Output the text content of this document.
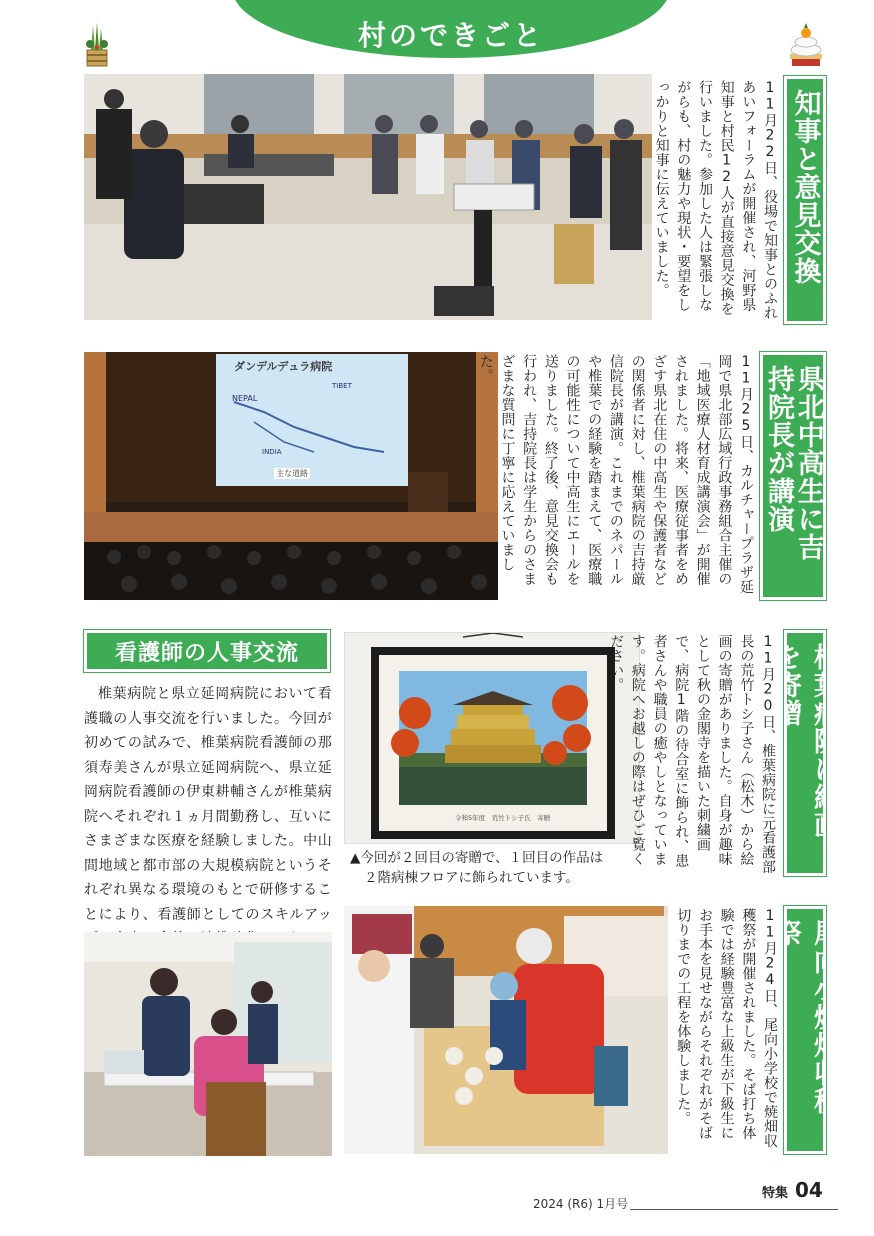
村のできごと
知事と意見交換
11月22日、役場で知事とのふれあいフォーラムが開催され、河野県知事と村民12人が直接意見交換を行いました。参加した人は緊張しながらも、村の魅力や現状・要望をしっかりと知事に伝えていました。
ダンデルデュラ病院
NEPAL
TIBET
INDIA
主な道路	県北中高生に吉持院長が講演
11月25日、カルチャープラザ延岡で県北部広域行政事務組合主催の「地域医療人材育成講演会」が開催されました。将来、医療従事者をめざす県北在住の中高生や保護者などの関係者に対し、椎葉病院の吉持厳信院長が講演。これまでのネパールや椎葉での経験を踏まえて、医療職の可能性について中高生にエールを送りました。終了後、意見交換会も行われ、吉持院長は学生からのさまざまな質問に丁寧に応えていました。
看護師の人事交流
椎葉病院と県立延岡病院において看護職の人事交流を行いました。今回が初めての試みで、椎葉病院看護師の那須寿美さんが県立延岡病院へ、県立延岡病院看護師の伊東耕輔さんが椎葉病院へそれぞれ１ヵ月間勤務し、互いにさまざまな医療を経験しました。中山間地域と都市部の大規模病院というそれぞれ異なる環境のもとで研修することにより、看護師としてのスキルアッ
令和5年度　荒竹トシ子氏　寄贈
▲今回が２回目の寄贈で、１回目の作品は
２階病棟フロアに飾られています。
椎葉病院に絵画を寄贈
11月20日、椎葉病院に元看護部長の荒竹トシ子さん（松木）から絵画の寄贈がありました。自身が趣味として秋の金閣寺を描いた刺繍画で、病院1階の待合室に飾られ、患者さんや職員の癒やしとなっています。病院へお越しの際はぜひご覧ください。
尾向小焼畑収穫祭
11月24日、尾向小学校で焼畑収穫祭が開催されました。そば打ち体験では経験豊富な上級生が下級生にお手本を見せながらそれぞれがそば切りまでの工程を体験しました。
2024 (R6) 1月号
特集 04
